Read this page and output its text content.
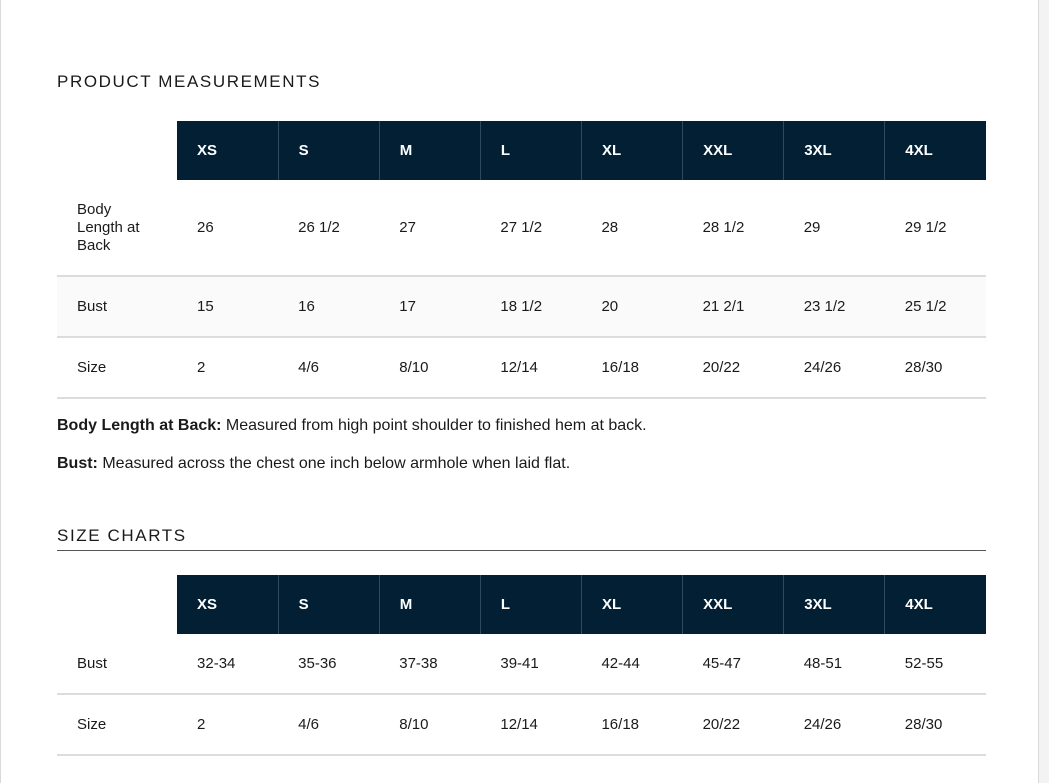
PRODUCT MEASUREMENTS
	XS	S	M	L	XL	XXL	3XL	4XL
Body Length at Back	26	26 1/2	27	27 1/2	28	28 1/2	29	29 1/2
Bust	15	16	17	18 1/2	20	21 2/1	23 1/2	25 1/2
Size	2	4/6	8/10	12/14	16/18	20/22	24/26	28/30
Body Length at Back: Measured from high point shoulder to finished hem at back.
Bust: Measured across the chest one inch below armhole when laid flat.
SIZE CHARTS
	XS	S	M	L	XL	XXL	3XL	4XL
Bust	32-34	35-36	37-38	39-41	42-44	45-47	48-51	52-55
Size	2	4/6	8/10	12/14	16/18	20/22	24/26	28/30
